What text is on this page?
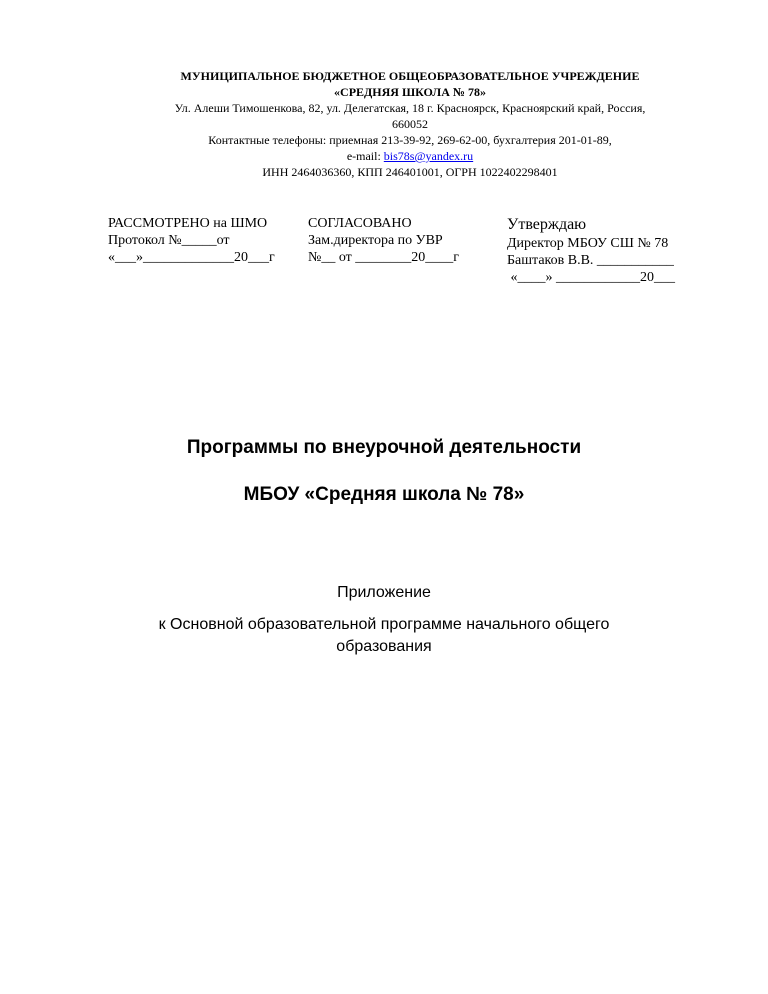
МУНИЦИПАЛЬНОЕ БЮДЖЕТНОЕ ОБЩЕОБРАЗОВАТЕЛЬНОЕ УЧРЕЖДЕНИЕ
«СРЕДНЯЯ ШКОЛА № 78»
Ул. Алеши Тимошенкова, 82, ул. Делегатская, 18 г. Красноярск, Красноярский край, Россия,
660052
Контактные телефоны: приемная 213-39-92, 269-62-00, бухгалтерия 201-01-89,
e-mail: bis78s@yandex.ru
ИНН 2464036360, КПП 246401001, ОГРН 1022402298401
РАССМОТРЕНО на ШМО
Протокол №_____от
«___»_____________20___г
СОГЛАСОВАНО
Зам.директора по УВР
№__ от ________20____г
Утверждаю
Директор МБОУ СШ № 78
Баштаков В.В. ___________
«____» ____________20___
Программы по внеурочной деятельности
МБОУ «Средняя школа № 78»
Приложение
к Основной образовательной программе начального общего
образования
